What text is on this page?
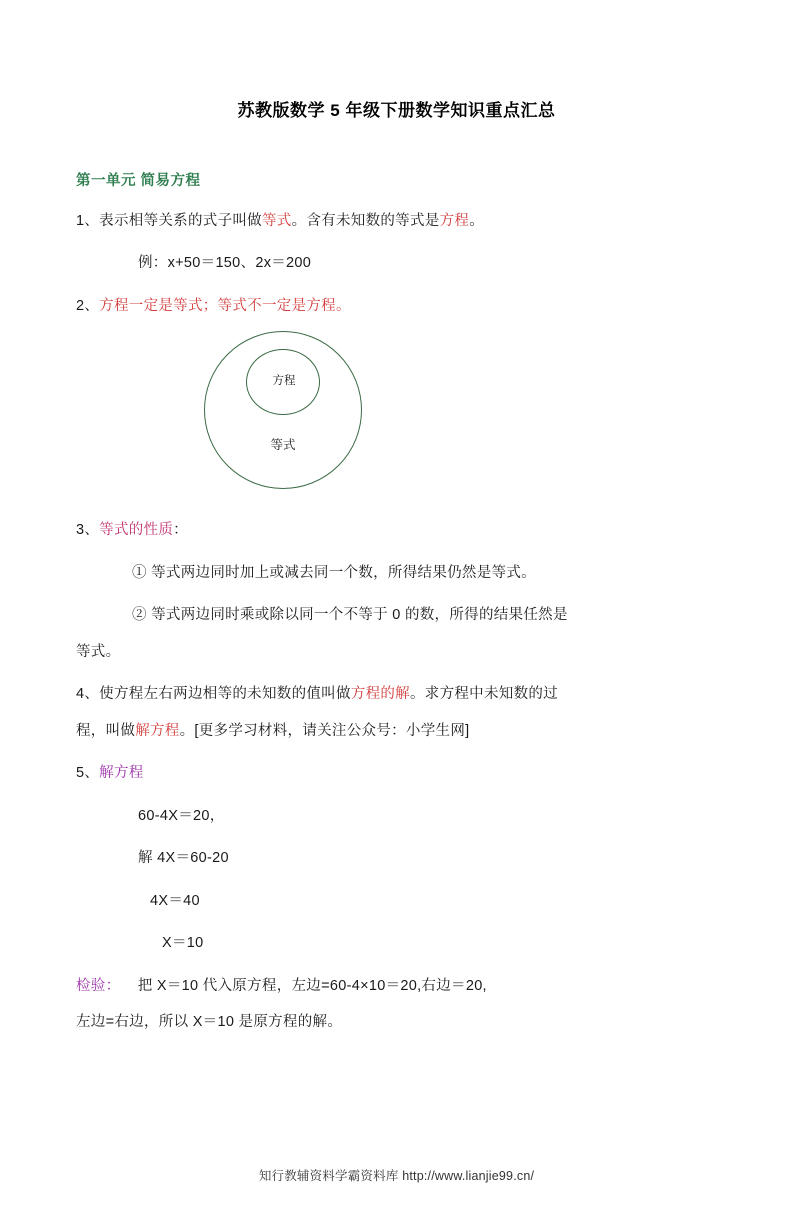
苏教版数学 5 年级下册数学知识重点汇总
第一单元 简易方程

1、表示相等关系的式子叫做等式。含有未知数的等式是方程。

例：x+50＝150、2x＝200

2、方程一定是等式；等式不一定是方程。

方程
等式

3、等式的性质：

① 等式两边同时加上或减去同一个数，所得结果仍然是等式。

② 等式两边同时乘或除以同一个不等于 0 的数，所得的结果任然是

等式。

4、使方程左右两边相等的未知数的值叫做方程的解。求方程中未知数的过

程，叫做解方程。[更多学习材料，请关注公众号：小学生网]

5、解方程

60-4X＝20，

解 4X＝60-20

4X＝40

X＝10

检验： 把 X＝10 代入原方程，左边=60-4×10＝20,右边＝20,

左边=右边，所以 X＝10 是原方程的解。

知行教辅资料学霸资料库 http://www.lianjie99.cn/
